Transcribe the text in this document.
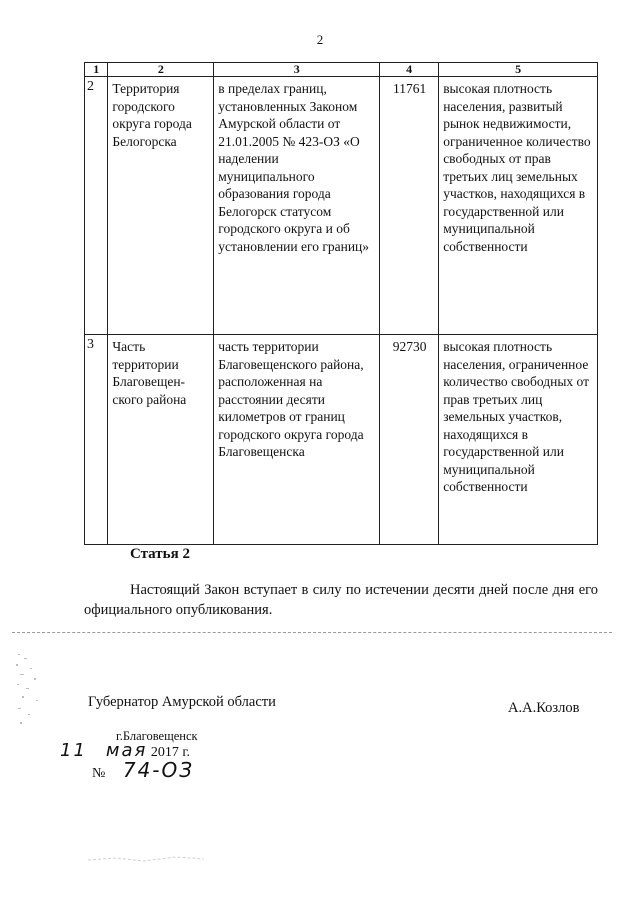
2
1	2	3	4	5
2	Территория городского округа города Белогорска	в пределах границ, установленных Законом Амурской области от 21.01.2005 № 423-ОЗ «О наделении муниципального образования города Белогорск статусом городского округа и об установлении его границ»	11761	высокая плотность населения, развитый рынок недвижимости, ограниченное количество свободных от прав третьих лиц земельных участков, находящихся в государственной или муниципальной собственности
3	Часть территории Благовещен-ского района	часть территории Благовещенского района, расположенная на расстоянии десяти километров от границ городского округа города Благовещенска	92730	высокая плотность населения, ограниченное количество свободных от прав третьих лиц земельных участков, находящихся в государственной или муниципальной собственности
Статья 2
Настоящий Закон вступает в силу по истечении десяти дней после дня его официального опубликования.
Губернатор Амурской области	А.А.Козлов
г.Благовещенск
11 мая 2017 г.
№ 74-ОЗ
